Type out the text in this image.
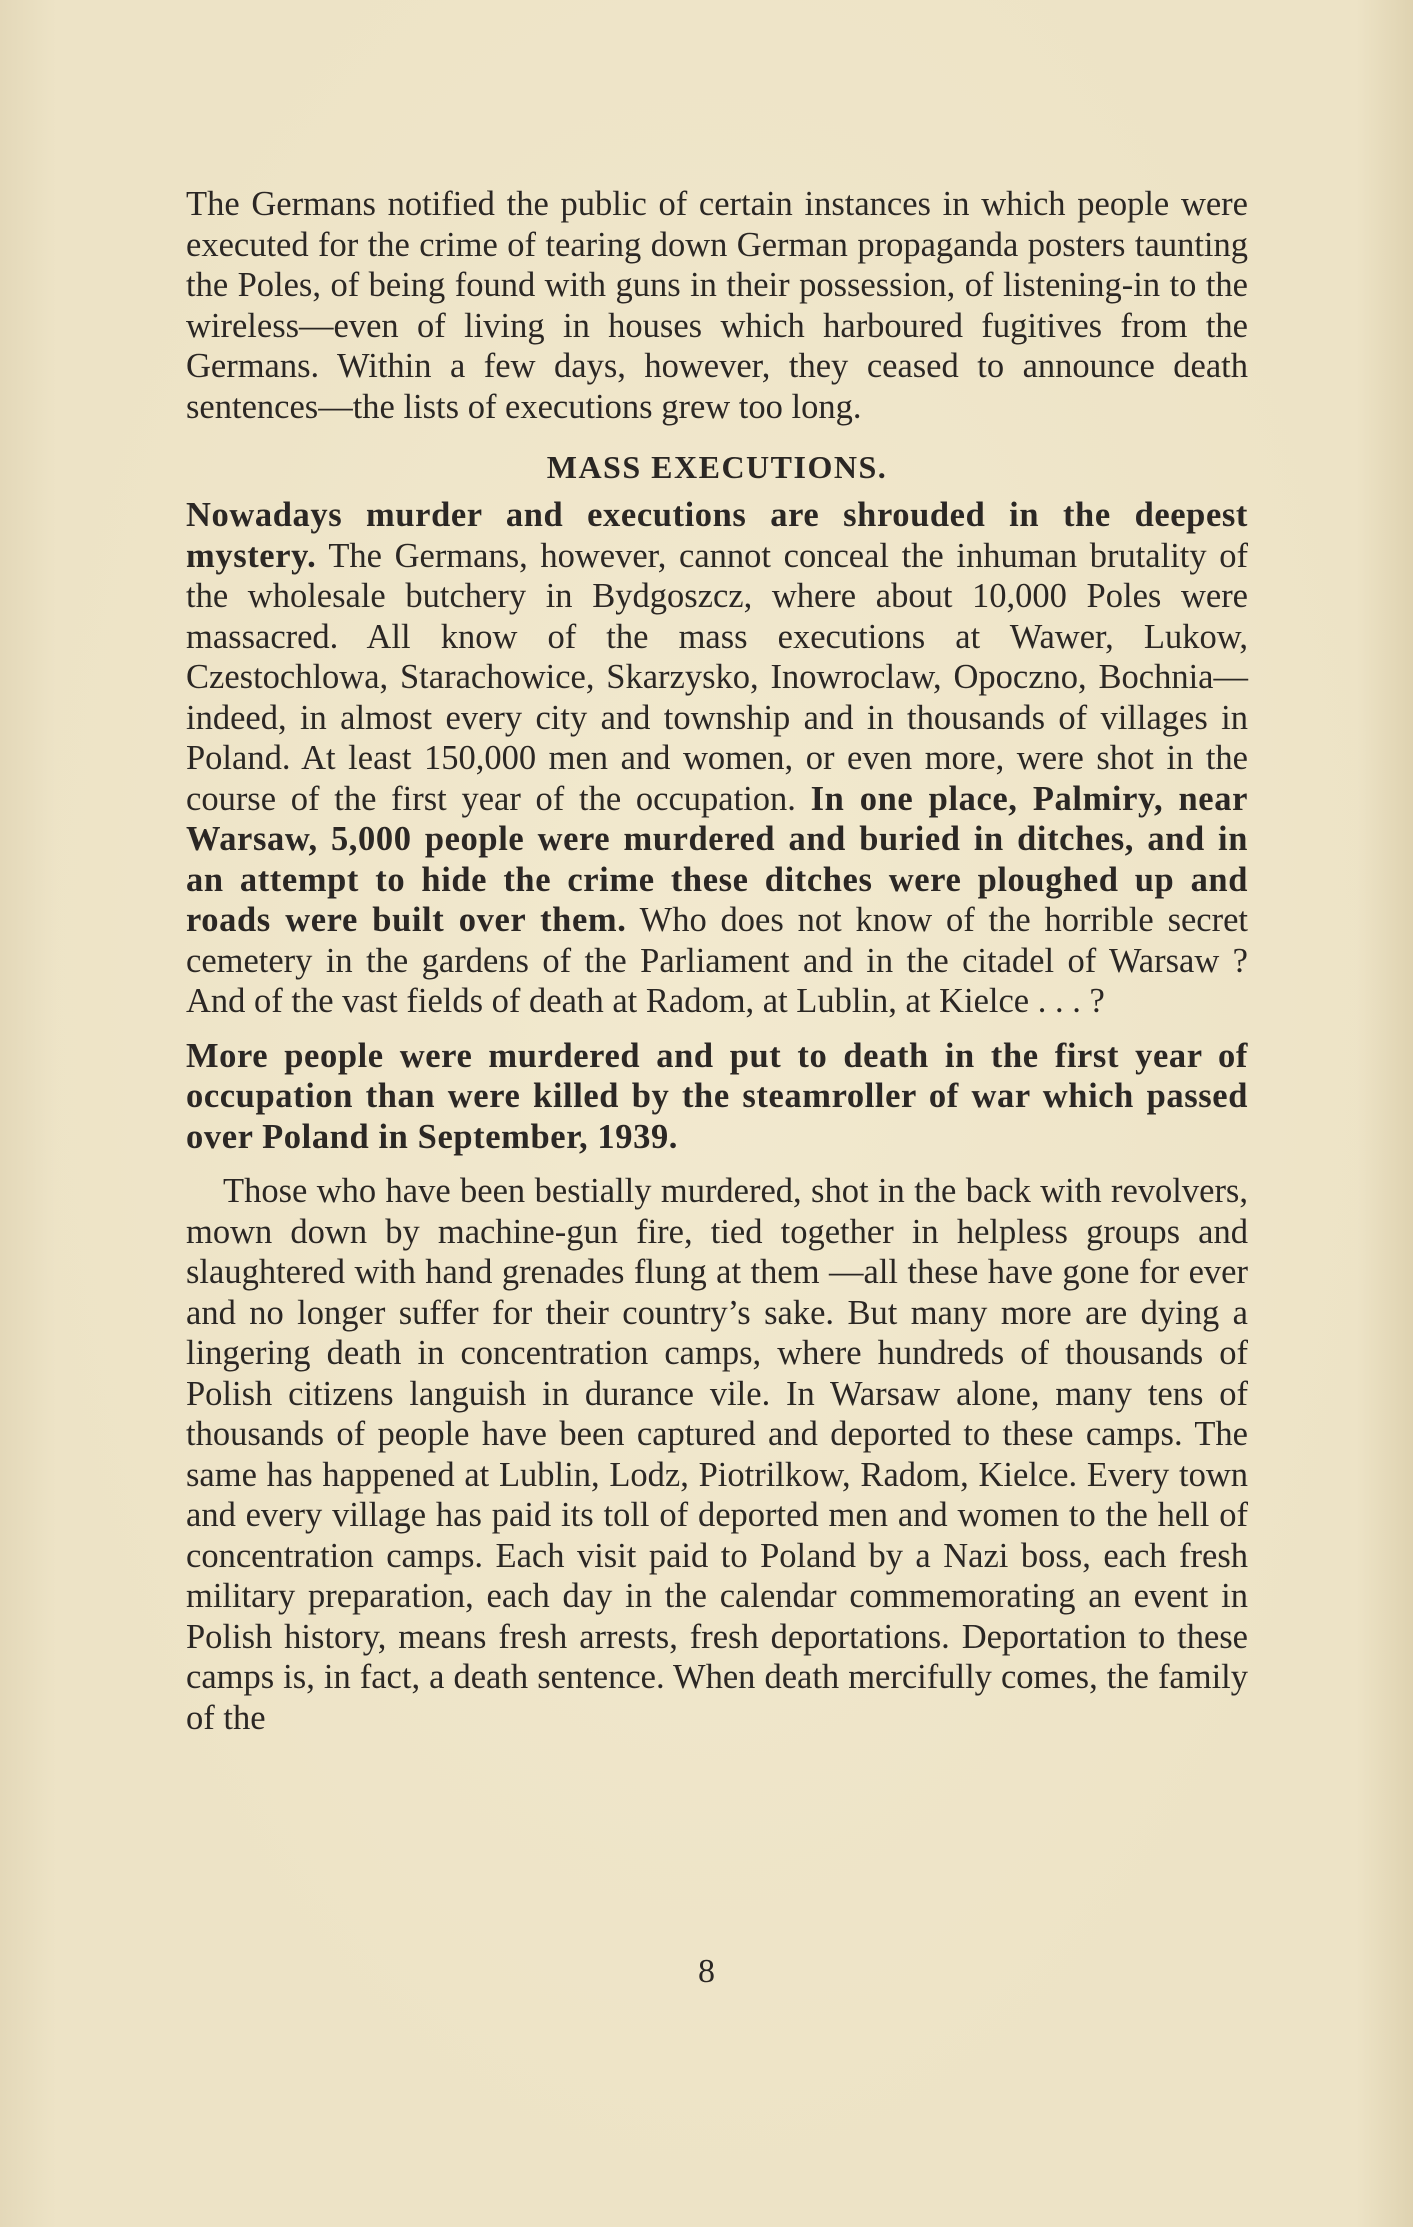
The Germans notified the public of certain instances in which people were executed for the crime of tearing down German propaganda posters taunting the Poles, of being found with guns in their possession, of listening-in to the wireless—even of living in houses which harboured fugitives from the Germans. Within a few days, however, they ceased to announce death sentences—the lists of executions grew too long.

MASS EXECUTIONS.

Nowadays murder and executions are shrouded in the deepest mystery. The Germans, however, cannot conceal the inhuman brutality of the wholesale butchery in Bydgoszcz, where about 10,000 Poles were massacred. All know of the mass executions at Wawer, Lukow, Czestochlowa, Starachowice, Skarzysko, Inowroclaw, Opoczno, Bochnia—indeed, in almost every city and township and in thousands of villages in Poland. At least 150,000 men and women, or even more, were shot in the course of the first year of the occupation. In one place, Palmiry, near Warsaw, 5,000 people were murdered and buried in ditches, and in an attempt to hide the crime these ditches were ploughed up and roads were built over them. Who does not know of the horrible secret cemetery in the gardens of the Parliament and in the citadel of Warsaw ? And of the vast fields of death at Radom, at Lublin, at Kielce . . . ?

More people were murdered and put to death in the first year of occupation than were killed by the steamroller of war which passed over Poland in September, 1939.

Those who have been bestially murdered, shot in the back with revolvers, mown down by machine-gun fire, tied together in helpless groups and slaughtered with hand grenades flung at them —all these have gone for ever and no longer suffer for their country’s sake. But many more are dying a lingering death in concentration camps, where hundreds of thousands of Polish citizens languish in durance vile. In Warsaw alone, many tens of thousands of people have been captured and deported to these camps. The same has happened at Lublin, Lodz, Piotrilkow, Radom, Kielce. Every town and every village has paid its toll of deported men and women to the hell of concentration camps. Each visit paid to Poland by a Nazi boss, each fresh military preparation, each day in the calendar commemorating an event in Polish history, means fresh arrests, fresh deportations. Deportation to these camps is, in fact, a death sentence. When death mercifully comes, the family of the

8
